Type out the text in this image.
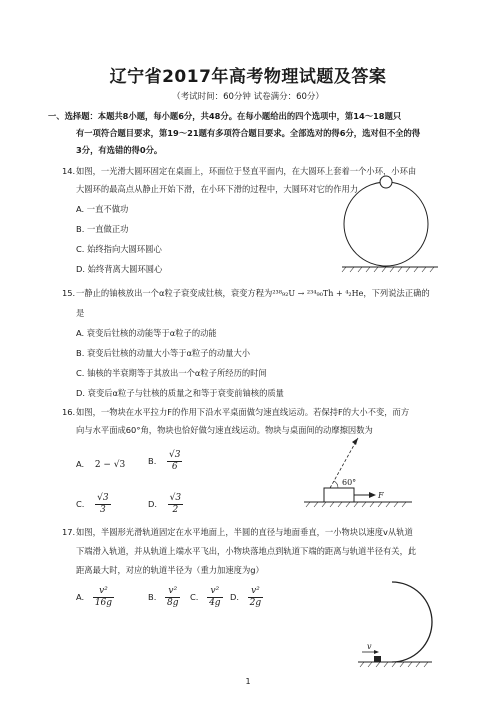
辽宁省2017年高考物理试题及答案
（考试时间：60分钟 试卷满分：60分）
一、选择题：本题共8小题，每小题6分，共48分。在每小题给出的四个选项中，第14～18题只
有一项符合题目要求，第19～21题有多项符合题目要求。全部选对的得6分，选对但不全的得
3分，有选错的得0分。
14. 如图，一光滑大圆环固定在桌面上，环面位于竖直平面内，在大圆环上套着一个小环，小环由
大圆环的最高点从静止开始下滑，在小环下滑的过程中，大圆环对它的作用力
A. 一直不做功
B. 一直做正功
C. 始终指向大圆环圆心
D. 始终背离大圆环圆心
15. 一静止的铀核放出一个α粒子衰变成钍核，衰变方程为²³⁸₉₂U → ²³⁴₉₀Th + ⁴₂He，下列说法正确的
是
A. 衰变后钍核的动能等于α粒子的动能
B. 衰变后钍核的动量大小等于α粒子的动量大小
C. 铀核的半衰期等于其放出一个α粒子所经历的时间
D. 衰变后α粒子与钍核的质量之和等于衰变前铀核的质量
16. 如图，一物块在水平拉力F的作用下沿水平桌面做匀速直线运动。若保持F的大小不变，而方
向与水平面成60°角，物块也恰好做匀速直线运动。物块与桌面间的动摩擦因数为
A. 2 − √3	B. $\frac{√3}{6}$
C. $\frac{√3}{3}$	D. $\frac{√3}{2}$
60°
F
17. 如图，半圆形光滑轨道固定在水平地面上，半圆的直径与地面垂直，一小物块以速度v从轨道
下端滑入轨道，并从轨道上端水平飞出，小物块落地点到轨道下端的距离与轨道半径有关，此
距离最大时，对应的轨道半径为（重力加速度为g）
A. $\frac{\text{v²}}{16g}$	B. $\frac{\text{v²}}{8g} C$. $\frac{\text{v²}}{4g} D$. $\frac{\text{v²}}{2g}$
v
1
